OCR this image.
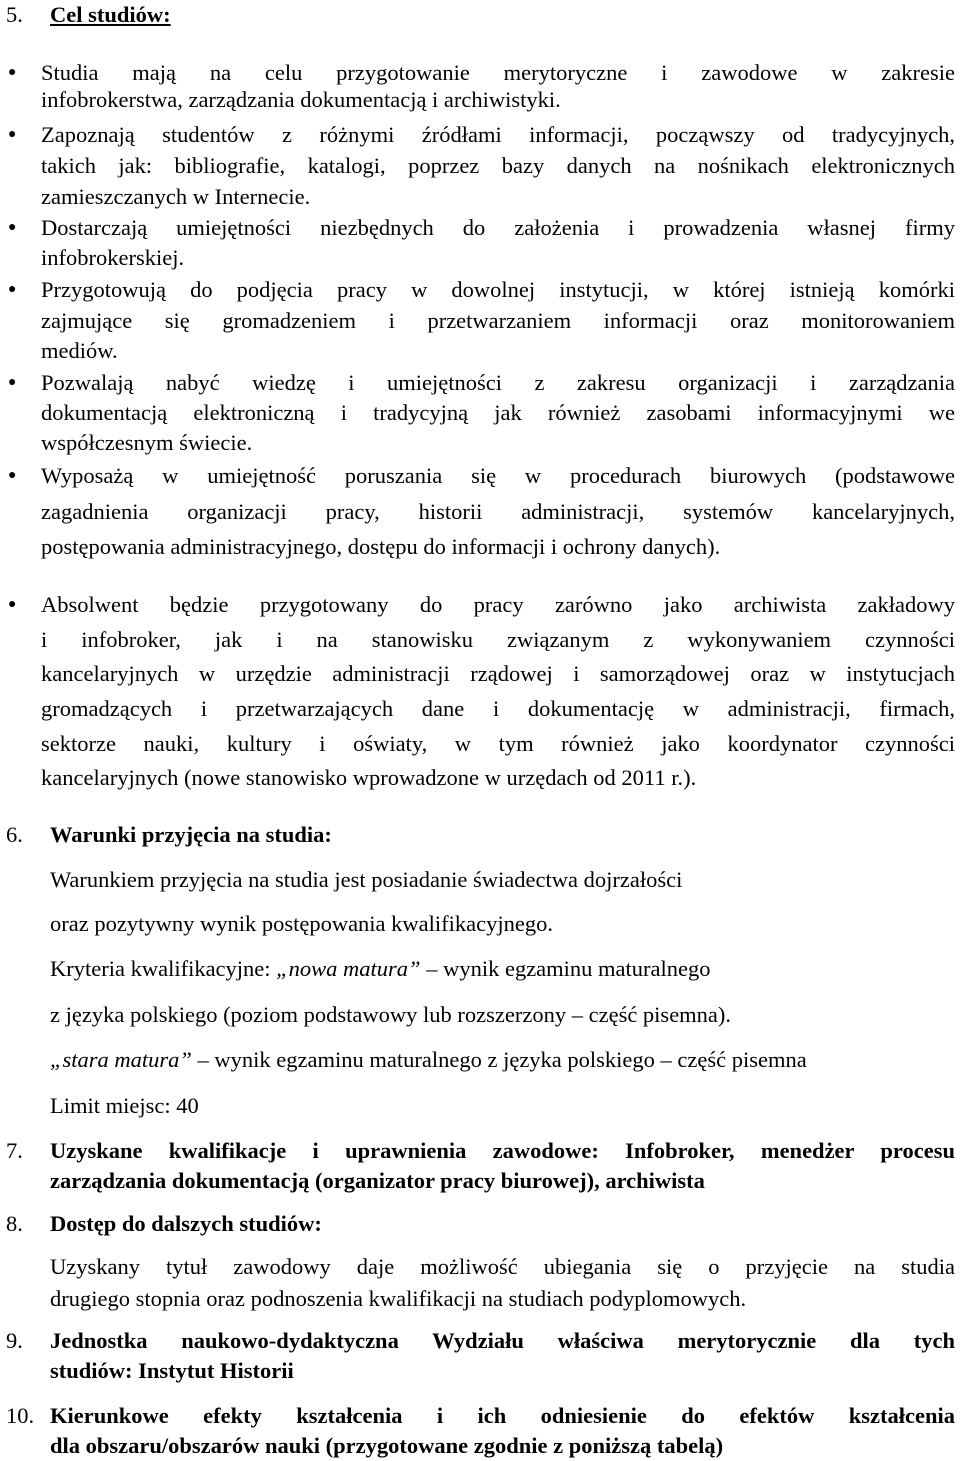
5. Cel studiów:
● Studia mają na celu przygotowanie merytoryczne i zawodowe w zakresie
infobrokerstwa, zarządzania dokumentacją i archiwistyki.
● Zapoznają studentów z różnymi źródłami informacji, począwszy od tradycyjnych,
takich jak: bibliografie, katalogi, poprzez bazy danych na nośnikach elektronicznych
zamieszczanych w Internecie.
● Dostarczają umiejętności niezbędnych do założenia i prowadzenia własnej firmy
infobrokerskiej.
● Przygotowują do podjęcia pracy w dowolnej instytucji, w której istnieją komórki
zajmujące się gromadzeniem i przetwarzaniem informacji oraz monitorowaniem
mediów.
● Pozwalają nabyć wiedzę i umiejętności z zakresu organizacji i zarządzania
dokumentacją elektroniczną i tradycyjną jak również zasobami informacyjnymi we
współczesnym świecie.
● Wyposażą w umiejętność poruszania się w procedurach biurowych (podstawowe
zagadnienia organizacji pracy, historii administracji, systemów kancelaryjnych,
postępowania administracyjnego, dostępu do informacji i ochrony danych).
● Absolwent będzie przygotowany do pracy zarówno jako archiwista zakładowy
i infobroker, jak i na stanowisku związanym z wykonywaniem czynności
kancelaryjnych w urzędzie administracji rządowej i samorządowej oraz w instytucjach
gromadzących i przetwarzających dane i dokumentację w administracji, firmach,
sektorze nauki, kultury i oświaty, w tym również jako koordynator czynności
kancelaryjnych (nowe stanowisko wprowadzone w urzędach od 2011 r.).
6. Warunki przyjęcia na studia:
Warunkiem przyjęcia na studia jest posiadanie świadectwa dojrzałości
oraz pozytywny wynik postępowania kwalifikacyjnego.
Kryteria kwalifikacyjne: „nowa matura” – wynik egzaminu maturalnego
z języka polskiego (poziom podstawowy lub rozszerzony – część pisemna).
„stara matura” – wynik egzaminu maturalnego z języka polskiego – część pisemna
Limit miejsc: 40
7. Uzyskane kwalifikacje i uprawnienia zawodowe: Infobroker, menedżer procesu
zarządzania dokumentacją (organizator pracy biurowej), archiwista
8. Dostęp do dalszych studiów:
Uzyskany tytuł zawodowy daje możliwość ubiegania się o przyjęcie na studia
drugiego stopnia oraz podnoszenia kwalifikacji na studiach podyplomowych.
9. Jednostka naukowo-dydaktyczna Wydziału właściwa merytorycznie dla tych
studiów: Instytut Historii
10. Kierunkowe efekty kształcenia i ich odniesienie do efektów kształcenia
dla obszaru/obszarów nauki (przygotowane zgodnie z poniższą tabelą)
